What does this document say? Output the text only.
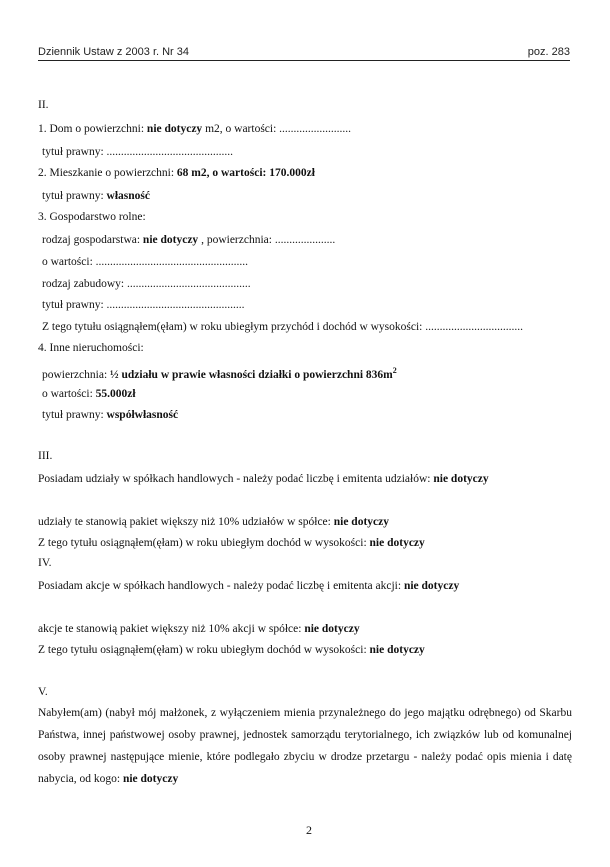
Dziennik Ustaw z 2003 r. Nr 34	poz. 283
II.
1. Dom o powierzchni: nie dotyczy m2, o wartości: .........................
tytuł prawny: ............................................
2. Mieszkanie o powierzchni: 68 m2, o wartości: 170.000zł
tytuł prawny: własność
3. Gospodarstwo rolne:
rodzaj gospodarstwa: nie dotyczy , powierzchnia: .....................
o wartości: .....................................................
rodzaj zabudowy: ...........................................
tytuł prawny: ................................................
Z tego tytułu osiągnąłem(ęłam) w roku ubiegłym przychód i dochód w wysokości: ..................................
4. Inne nieruchomości:
powierzchnia: ½ udziału w prawie własności działki o powierzchni $836m^2$
o wartości: 55.000zł
tytuł prawny: współwłasność
III.
Posiadam udziały w spółkach handlowych - należy podać liczbę i emitenta udziałów: nie dotyczy
udziały te stanowią pakiet większy niż 10% udziałów w spółce: nie dotyczy
Z tego tytułu osiągnąłem(ęłam) w roku ubiegłym dochód w wysokości: nie dotyczy
IV.
Posiadam akcje w spółkach handlowych - należy podać liczbę i emitenta akcji: nie dotyczy
akcje te stanowią pakiet większy niż 10% akcji w spółce: nie dotyczy
Z tego tytułu osiągnąłem(ęłam) w roku ubiegłym dochód w wysokości: nie dotyczy
V.
Nabyłem(am) (nabył mój małżonek, z wyłączeniem mienia przynależnego do jego majątku odrębnego) od Skarbu Państwa, innej państwowej osoby prawnej, jednostek samorządu terytorialnego, ich związków lub od komunalnej osoby prawnej następujące mienie, które podlegało zbyciu w drodze przetargu - należy podać opis mienia i datę nabycia, od kogo: nie dotyczy
2
